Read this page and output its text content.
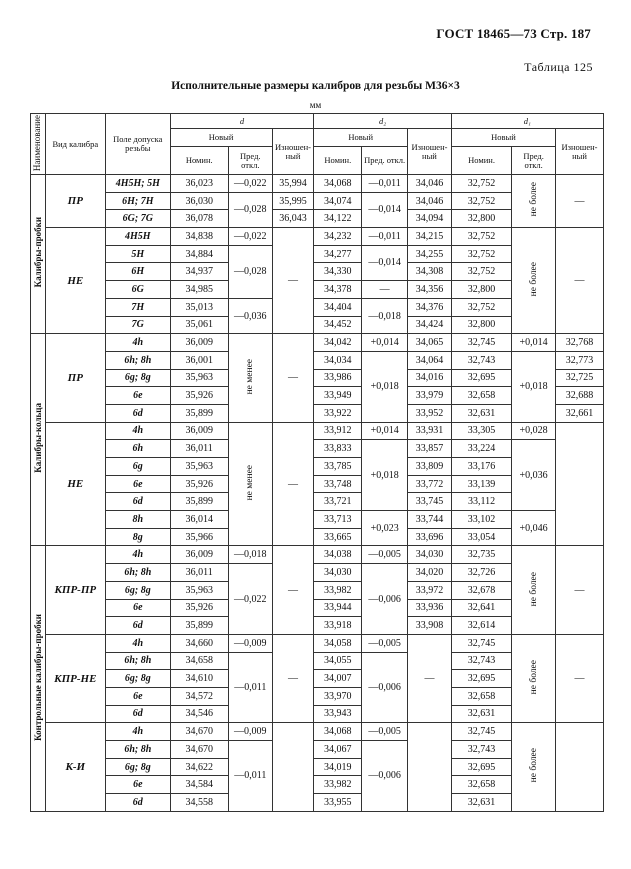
ГОСТ 18465—73 Стр. 187
Таблица 125
Исполнительные размеры калибров для резьбы М36×3
мм
Наименование	Вид калибра	Поле допуска резьбы	d			d₂			d₁		
			Новый		Изношен-ный	Новый		Изношен-ный	Новый		Изношен-ный
			Номин.	Пред. откл.		Номин.	Пред. откл.		Номин.	Пред. откл.	
Калибры-пробки	ПР	4H5H; 5H	36,023	—0,022	35,994	34,068	—0,011	34,046	32,752	не более	—
		6H; 7H	36,030	—0,028	35,995	34,074	—0,014	34,046	32,752		
		6G; 7G	36,078		36,043	34,122		34,094	32,800		
	НЕ	4H5H	34,838	—0,022	—	34,232	—0,011	34,215	32,752	не более	—
		5H	34,884	—0,028		34,277	—0,014	34,255	32,752		
		6H	34,937			34,330		34,308	32,752		
		6G	34,985			34,378	—	34,356	32,800		
		7H	35,013	—0,036		34,404	—0,018	34,376	32,752		
		7G	35,061			34,452		34,424	32,800		
Калибры-кольца	ПР	4h	36,009	не менее	—	34,042	+0,014	34,065	32,745	+0,014	32,768
		6h; 8h	36,001			34,034	+0,018	34,064	32,743	+0,018	32,773
		6g; 8g	35,963			33,986		34,016	32,695		32,725
		6e	35,926			33,949		33,979	32,658		32,688
		6d	35,899			33,922		33,952	32,631		32,661
	НЕ	4h	36,009	не менее	—	33,912	+0,014	33,931	33,305	+0,028	
		6h	36,011			33,833	+0,018	33,857	33,224	+0,036	
		6g	35,963			33,785		33,809	33,176		
		6e	35,926			33,748		33,772	33,139		
		6d	35,899			33,721		33,745	33,112		
		8h	36,014			33,713	+0,023	33,744	33,102	+0,046	
		8g	35,966			33,665		33,696	33,054		
Контрольные калибры-пробки	КПР-ПР	4h	36,009	—0,018	—	34,038	—0,005	34,030	32,735	не более	—
		6h; 8h	36,011	—0,022		34,030	—0,006	34,020	32,726		
		6g; 8g	35,963			33,982		33,972	32,678		
		6e	35,926			33,944		33,936	32,641		
		6d	35,899			33,918		33,908	32,614		
	КПР-НЕ	4h	34,660	—0,009	—	34,058	—0,005	—	32,745	не более	—
		6h; 8h	34,658	—0,011		34,055	—0,006		32,743		
		6g; 8g	34,610			34,007			32,695		
		6e	34,572			33,970			32,658		
		6d	34,546			33,943			32,631		
	К-И	4h	34,670	—0,009		34,068	—0,005		32,745	не более	
		6h; 8h	34,670	—0,011		34,067	—0,006		32,743		
		6g; 8g	34,622			34,019			32,695		
		6e	34,584			33,982			32,658		
		6d	34,558			33,955			32,631		
